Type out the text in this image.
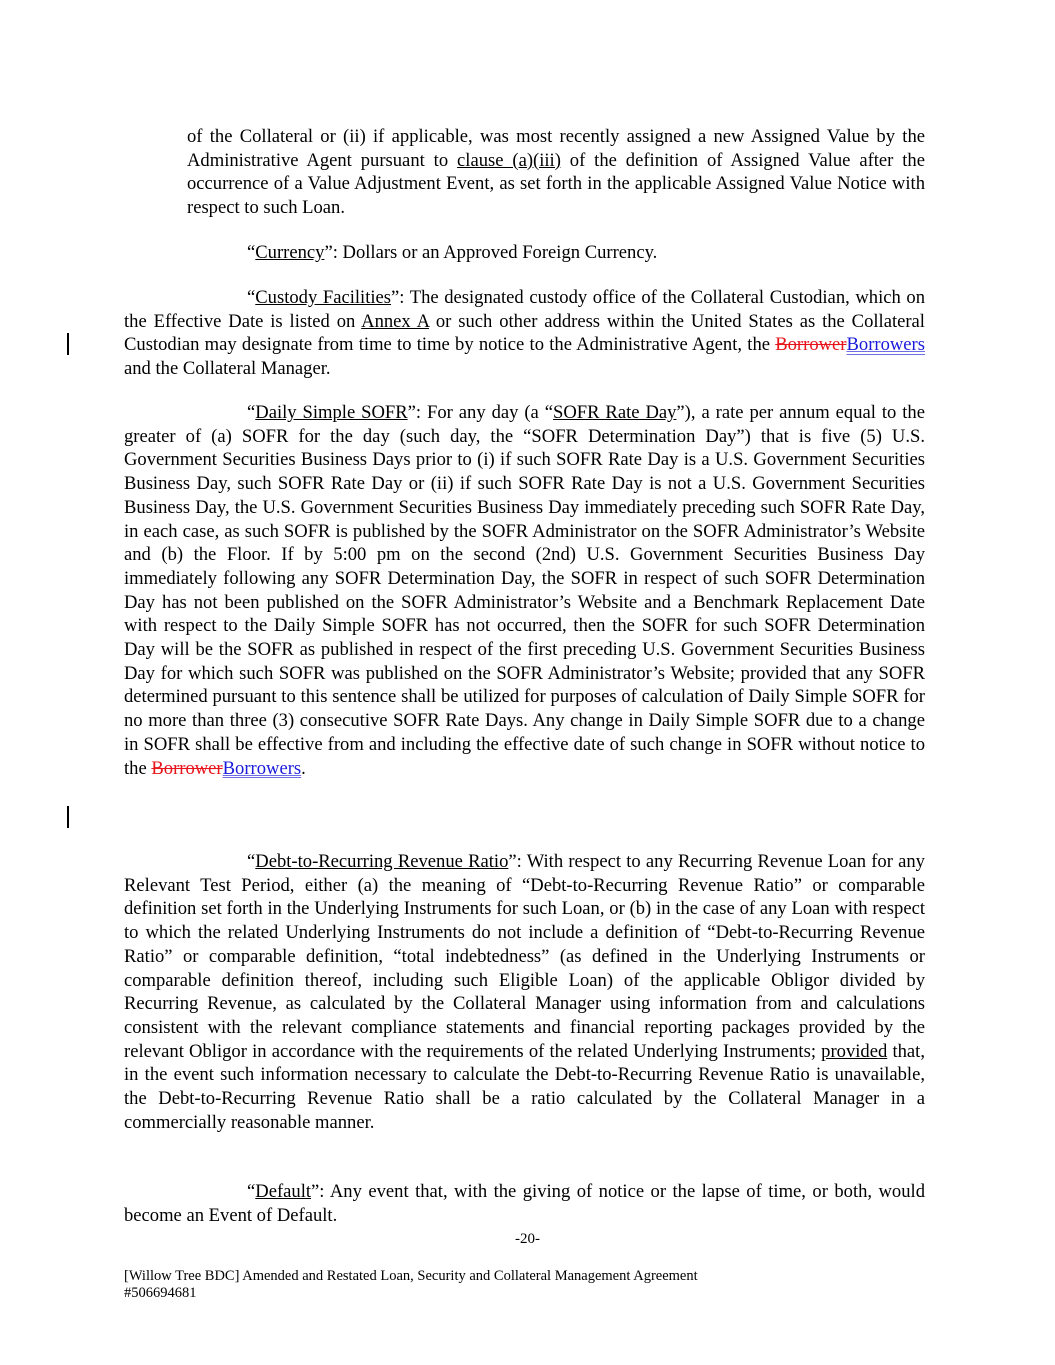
of the Collateral or (ii) if applicable, was most recently assigned a new Assigned Value by the Administrative Agent pursuant to clause (a)(iii) of the definition of Assigned Value after the occurrence of a Value Adjustment Event, as set forth in the applicable Assigned Value Notice with respect to such Loan.

“Currency”: Dollars or an Approved Foreign Currency.

“Custody Facilities”: The designated custody office of the Collateral Custodian, which on the Effective Date is listed on Annex A or such other address within the United States as the Collateral Custodian may designate from time to time by notice to the Administrative Agent, the BorrowerBorrowers and the Collateral Manager.

“Daily Simple SOFR”: For any day (a “SOFR Rate Day”), a rate per annum equal to the greater of (a) SOFR for the day (such day, the “SOFR Determination Day”) that is five (5) U.S. Government Securities Business Days prior to (i) if such SOFR Rate Day is a U.S. Government Securities Business Day, such SOFR Rate Day or (ii) if such SOFR Rate Day is not a U.S. Government Securities Business Day, the U.S. Government Securities Business Day immediately preceding such SOFR Rate Day, in each case, as such SOFR is published by the SOFR Administrator on the SOFR Administrator’s Website and (b) the Floor. If by 5:00 pm on the second (2nd) U.S. Government Securities Business Day immediately following any SOFR Determination Day, the SOFR in respect of such SOFR Determination Day has not been published on the SOFR Administrator’s Website and a Benchmark Replacement Date with respect to the Daily Simple SOFR has not occurred, then the SOFR for such SOFR Determination Day will be the SOFR as published in respect of the first preceding U.S. Government Securities Business Day for which such SOFR was published on the SOFR Administrator’s Website; provided that any SOFR determined pursuant to this sentence shall be utilized for purposes of calculation of Daily Simple SOFR for no more than three (3) consecutive SOFR Rate Days. Any change in Daily Simple SOFR due to a change in SOFR shall be effective from and including the effective date of such change in SOFR without notice to the BorrowerBorrowers.

“Debt-to-Recurring Revenue Ratio”: With respect to any Recurring Revenue Loan for any Relevant Test Period, either (a) the meaning of “Debt-to-Recurring Revenue Ratio” or comparable definition set forth in the Underlying Instruments for such Loan, or (b) in the case of any Loan with respect to which the related Underlying Instruments do not include a definition of “Debt-to-Recurring Revenue Ratio” or comparable definition, “total indebtedness” (as defined in the Underlying Instruments or comparable definition thereof, including such Eligible Loan) of the applicable Obligor divided by Recurring Revenue, as calculated by the Collateral Manager using information from and calculations consistent with the relevant compliance statements and financial reporting packages provided by the relevant Obligor in accordance with the requirements of the related Underlying Instruments; provided that, in the event such information necessary to calculate the Debt-to-Recurring Revenue Ratio is unavailable, the Debt-to-Recurring Revenue Ratio shall be a ratio calculated by the Collateral Manager in a commercially reasonable manner.

“Default”: Any event that, with the giving of notice or the lapse of time, or both, would become an Event of Default.

-20-
[Willow Tree BDC] Amended and Restated Loan, Security and Collateral Management Agreement
#506694681
